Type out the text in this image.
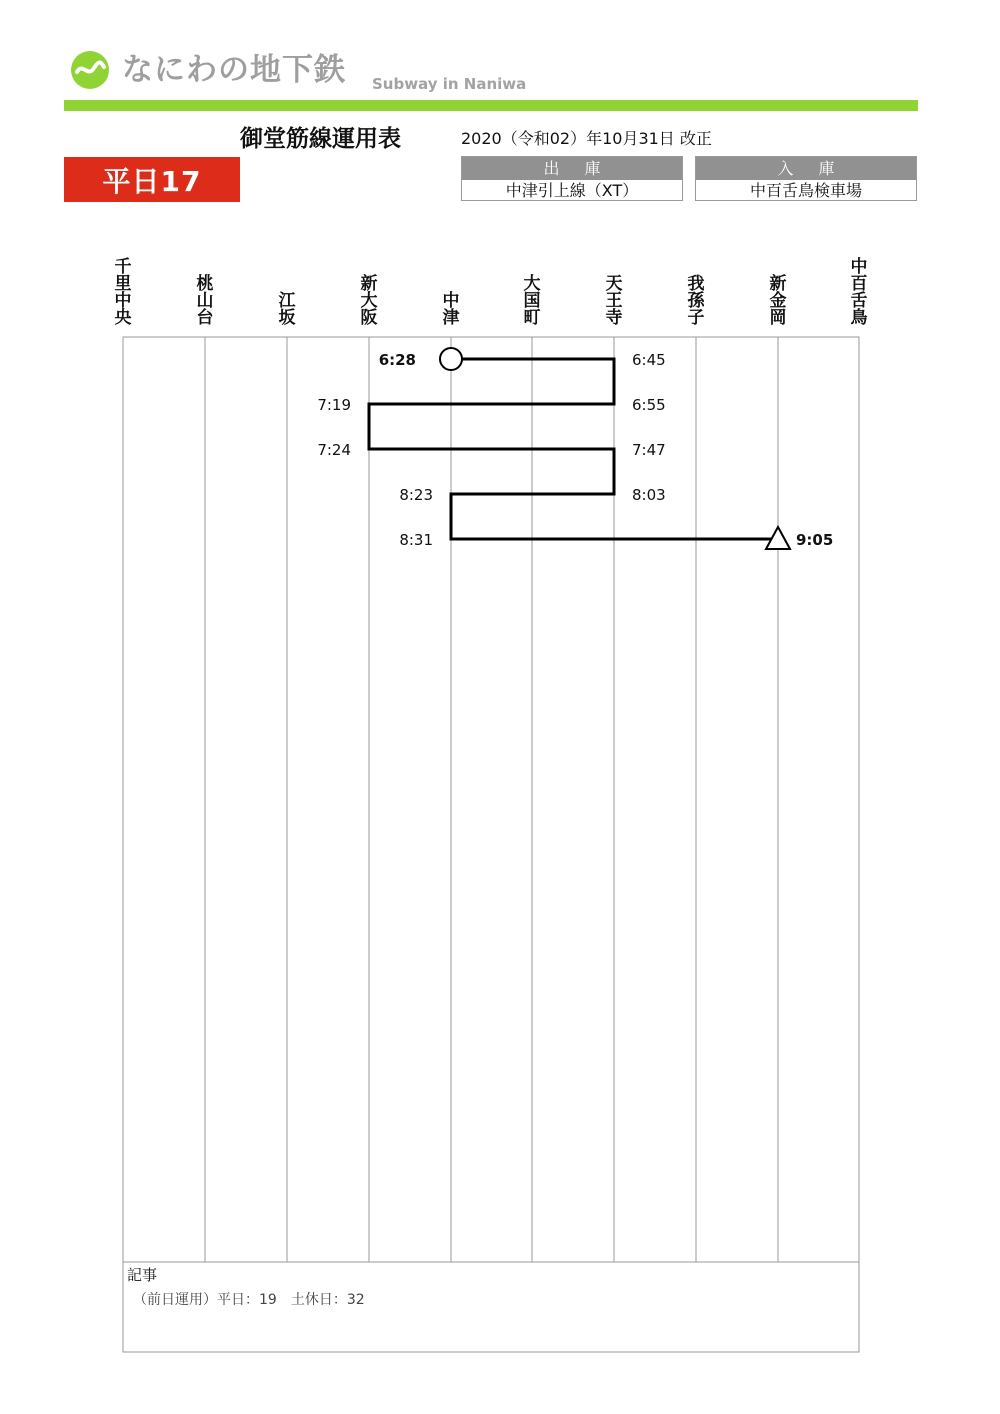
なにわの地下鉄 Subway in Naniwa
御堂筋線運用表	2020（令和02）年10月31日 改正
平日17	出 庫
中津引上線（XT）
入 庫
中百舌鳥検車場
千
里
中
央
桃
山
台
江
坂
新
大
阪
中
津
大
国
町
天
王
寺
我
孫
子
新
金
岡
中
百
舌
鳥
6:28	6:45
6:55
7:19
7:24	7:47
8:03
8:23
8:31	9:05
記事
（前日運用）平日：19　土休日：32
